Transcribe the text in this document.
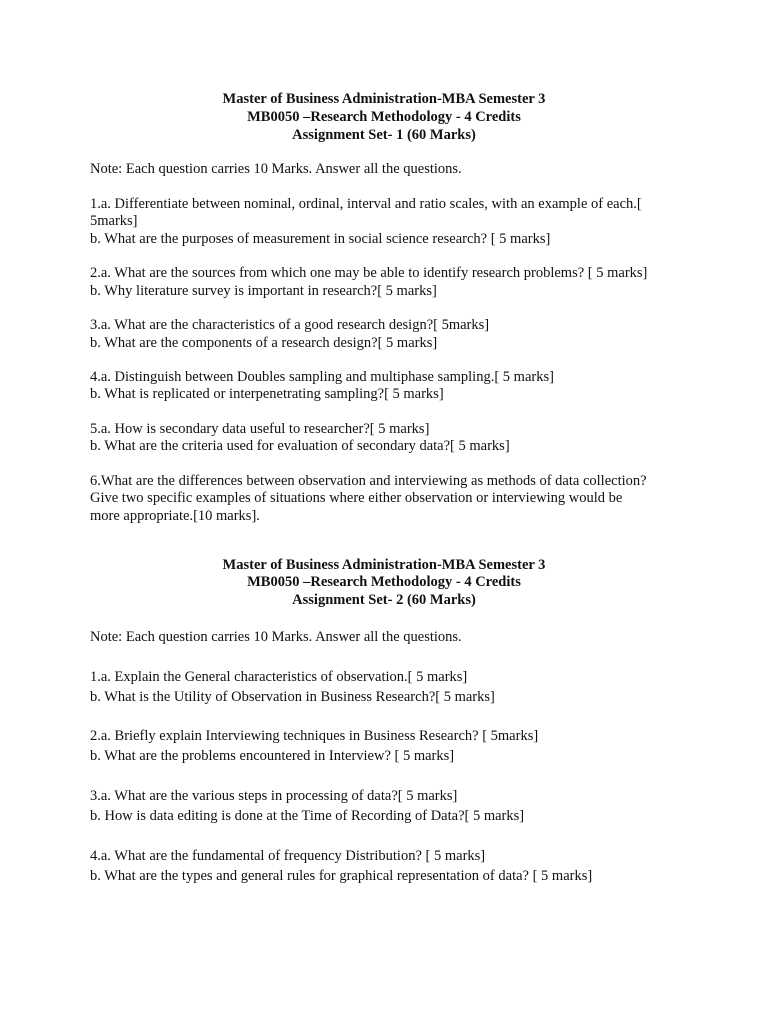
Master of Business Administration-MBA Semester 3

MB0050 –Research Methodology - 4 Credits

Assignment Set- 1 (60 Marks)

Note: Each question carries 10 Marks. Answer all the questions.

1.a. Differentiate between nominal, ordinal, interval and ratio scales, with an example of each.[

5marks]

b. What are the purposes of measurement in social science research? [ 5 marks]

2.a. What are the sources from which one may be able to identify research problems? [ 5 marks]

b. Why literature survey is important in research?[ 5 marks]

3.a. What are the characteristics of a good research design?[ 5marks]

b. What are the components of a research design?[ 5 marks]

4.a. Distinguish between Doubles sampling and multiphase sampling.[ 5 marks]

b. What is replicated or interpenetrating sampling?[ 5 marks]

5.a. How is secondary data useful to researcher?[ 5 marks]

b. What are the criteria used for evaluation of secondary data?[ 5 marks]

6.What are the differences between observation and interviewing as methods of data collection?

Give two specific examples of situations where either observation or interviewing would be

more appropriate.[10 marks].

Master of Business Administration-MBA Semester 3

MB0050 –Research Methodology - 4 Credits

Assignment Set- 2 (60 Marks)

Note: Each question carries 10 Marks. Answer all the questions.

1.a. Explain the General characteristics of observation.[ 5 marks]

b. What is the Utility of Observation in Business Research?[ 5 marks]

2.a. Briefly explain Interviewing techniques in Business Research? [ 5marks]

b. What are the problems encountered in Interview? [ 5 marks]

3.a. What are the various steps in processing of data?[ 5 marks]

b. How is data editing is done at the Time of Recording of Data?[ 5 marks]

4.a. What are the fundamental of frequency Distribution? [ 5 marks]

b. What are the types and general rules for graphical representation of data? [ 5 marks]
